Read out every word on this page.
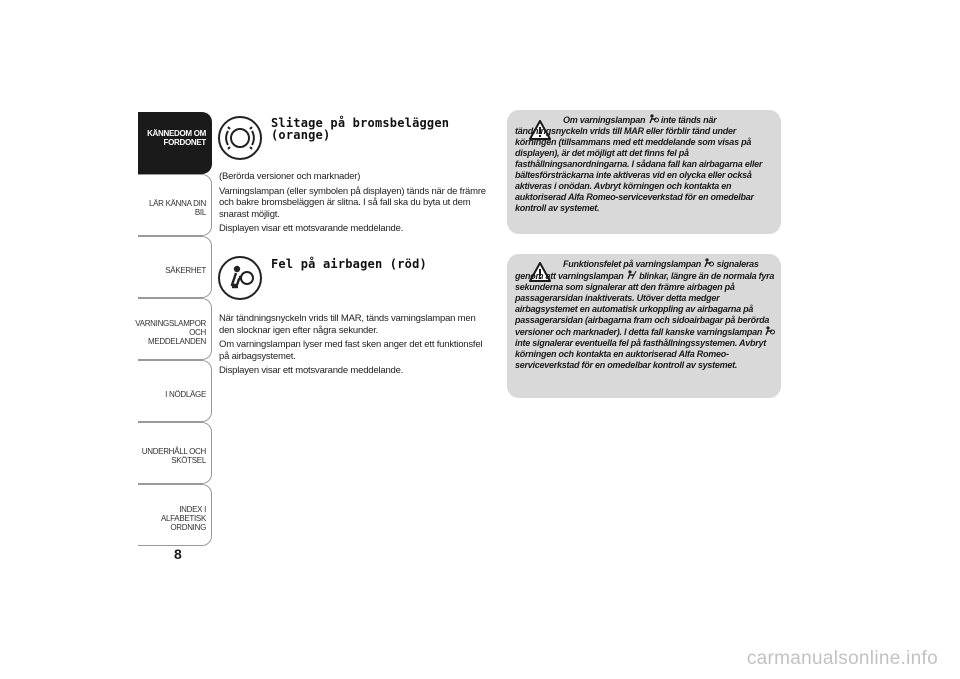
KÄNNEDOM OM FORDONET
LÄR KÄNNA DIN BIL
SÄKERHET
VARNINGSLAMPOR OCH MEDDELANDEN
I NÖDLÄGE
UNDERHÅLL OCH SKÖTSEL
INDEX I ALFABETISK ORDNING
8
Slitage på bromsbeläggen (orange)

(Berörda versioner och marknader)

Varningslampan (eller symbolen på displayen) tänds när de främre och bakre bromsbeläggen är slitna. I så fall ska du byta ut dem snarast möjligt.

Displayen visar ett motsvarande meddelande.

Fel på airbagen (röd)

När tändningsnyckeln vrids till MAR, tänds varningslampan men den slocknar igen efter några sekunder.

Om varningslampan lyser med fast sken anger det ett funktionsfel på airbagsystemet.

Displayen visar ett motsvarande meddelande.

Om varningslampan inte tänds när tändningsnyckeln vrids till MAR eller förblir tänd under körningen (tillsammans med ett meddelande som visas på displayen), är det möjligt att det finns fel på fasthållningsanordningarna. I sådana fall kan airbagarna eller bältesförsträckarna inte aktiveras vid en olycka eller också aktiveras i onödan. Avbryt körningen och kontakta en auktoriserad Alfa Romeo-serviceverkstad för en omedelbar kontroll av systemet.
Funktionsfelet på varningslampan signaleras genom att varningslampan blinkar, längre än de normala fyra sekunderna som signalerar att den främre airbagen på passagerarsidan inaktiverats. Utöver detta medger airbagsystemet en automatisk urkoppling av airbagarna på passagerarsidan (airbagarna fram och sidoairbagar på berörda versioner och marknader). I detta fall kanske varningslampan  inte signalerar eventuella fel på fasthållningssystemen. Avbryt körningen och kontakta en auktoriserad Alfa Romeo-serviceverkstad för en omedelbar kontroll av systemet.
carmanualsonline.info
